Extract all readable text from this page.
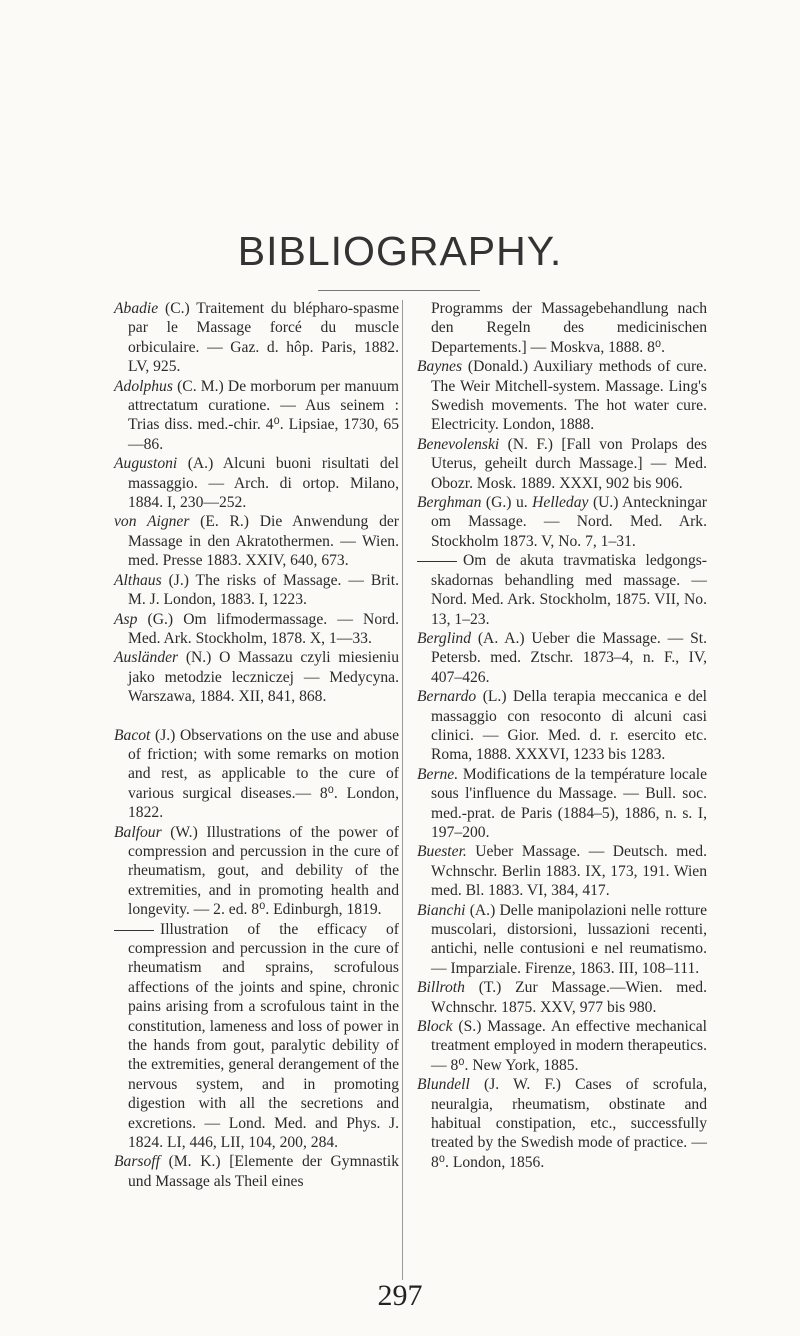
BIBLIOGRAPHY.

Abadie (C.) Traitement du blépharo-spasme par le Massage forcé du muscle orbiculaire. — Gaz. d. hôp. Paris, 1882. LV, 925.

Adolphus (C. M.) De morborum per manuum attrectatum curatione. — Aus seinem : Trias diss. med.-chir. 4⁰. Lipsiae, 1730, 65—86.

Augustoni (A.) Alcuni buoni risultati del massaggio. — Arch. di ortop. Milano, 1884. I, 230—252.

von Aigner (E. R.) Die Anwendung der Massage in den Akratothermen. — Wien. med. Presse 1883. XXIV, 640, 673.

Althaus (J.) The risks of Massage. — Brit. M. J. London, 1883. I, 1223.

Asp (G.) Om lifmodermassage. — Nord. Med. Ark. Stockholm, 1878. X, 1—33.

Ausländer (N.) O Massazu czyli miesieniu jako metodzie leczniczej — Medycyna. Warszawa, 1884. XII, 841, 868.

Bacot (J.) Observations on the use and abuse of friction; with some remarks on motion and rest, as applicable to the cure of various surgical diseases.— 8⁰. London, 1822.

Balfour (W.) Illustrations of the power of compression and percussion in the cure of rheumatism, gout, and debility of the extremities, and in promoting health and longevity. — 2. ed. 8⁰. Edinburgh, 1819.

Illustration of the efficacy of compression and percussion in the cure of rheumatism and sprains, scrofulous affections of the joints and spine, chronic pains arising from a scrofulous taint in the constitution, lameness and loss of power in the hands from gout, paralytic debility of the extremities, general derangement of the nervous system, and in promoting digestion with all the secretions and excretions. — Lond. Med. and Phys. J. 1824. LI, 446, LII, 104, 200, 284.

Barsoff (M. K.) [Elemente der Gymnastik und Massage als Theil eines

Programms der Massagebehandlung nach den Regeln des medicinischen Departements.] — Moskva, 1888. 8⁰.

Baynes (Donald.) Auxiliary methods of cure. The Weir Mitchell-system. Massage. Ling's Swedish movements. The hot water cure. Electricity. London, 1888.

Benevolenski (N. F.) [Fall von Prolaps des Uterus, geheilt durch Massage.] — Med. Obozr. Mosk. 1889. XXXI, 902 bis 906.

Berghman (G.) u. Helleday (U.) Anteckningar om Massage. — Nord. Med. Ark. Stockholm 1873. V, No. 7, 1–31.

Om de akuta travmatiska ledgongs-skadornas behandling med massage. — Nord. Med. Ark. Stockholm, 1875. VII, No. 13, 1–23.

Berglind (A. A.) Ueber die Massage. — St. Petersb. med. Ztschr. 1873–4, n. F., IV, 407–426.

Bernardo (L.) Della terapia meccanica e del massaggio con resoconto di alcuni casi clinici. — Gior. Med. d. r. esercito etc. Roma, 1888. XXXVI, 1233 bis 1283.

Berne. Modifications de la température locale sous l'influence du Massage. — Bull. soc. med.-prat. de Paris (1884–5), 1886, n. s. I, 197–200.

Buester. Ueber Massage. — Deutsch. med. Wchnschr. Berlin 1883. IX, 173, 191. Wien med. Bl. 1883. VI, 384, 417.

Bianchi (A.) Delle manipolazioni nelle rotture muscolari, distorsioni, lussazioni recenti, antichi, nelle contusioni e nel reumatismo. — Imparziale. Firenze, 1863. III, 108–111.

Billroth (T.) Zur Massage.—Wien. med. Wchnschr. 1875. XXV, 977 bis 980.

Block (S.) Massage. An effective mechanical treatment employed in modern therapeutics. — 8⁰. New York, 1885.

Blundell (J. W. F.) Cases of scrofula, neuralgia, rheumatism, obstinate and habitual constipation, etc., successfully treated by the Swedish mode of practice. — 8⁰. London, 1856.

297
